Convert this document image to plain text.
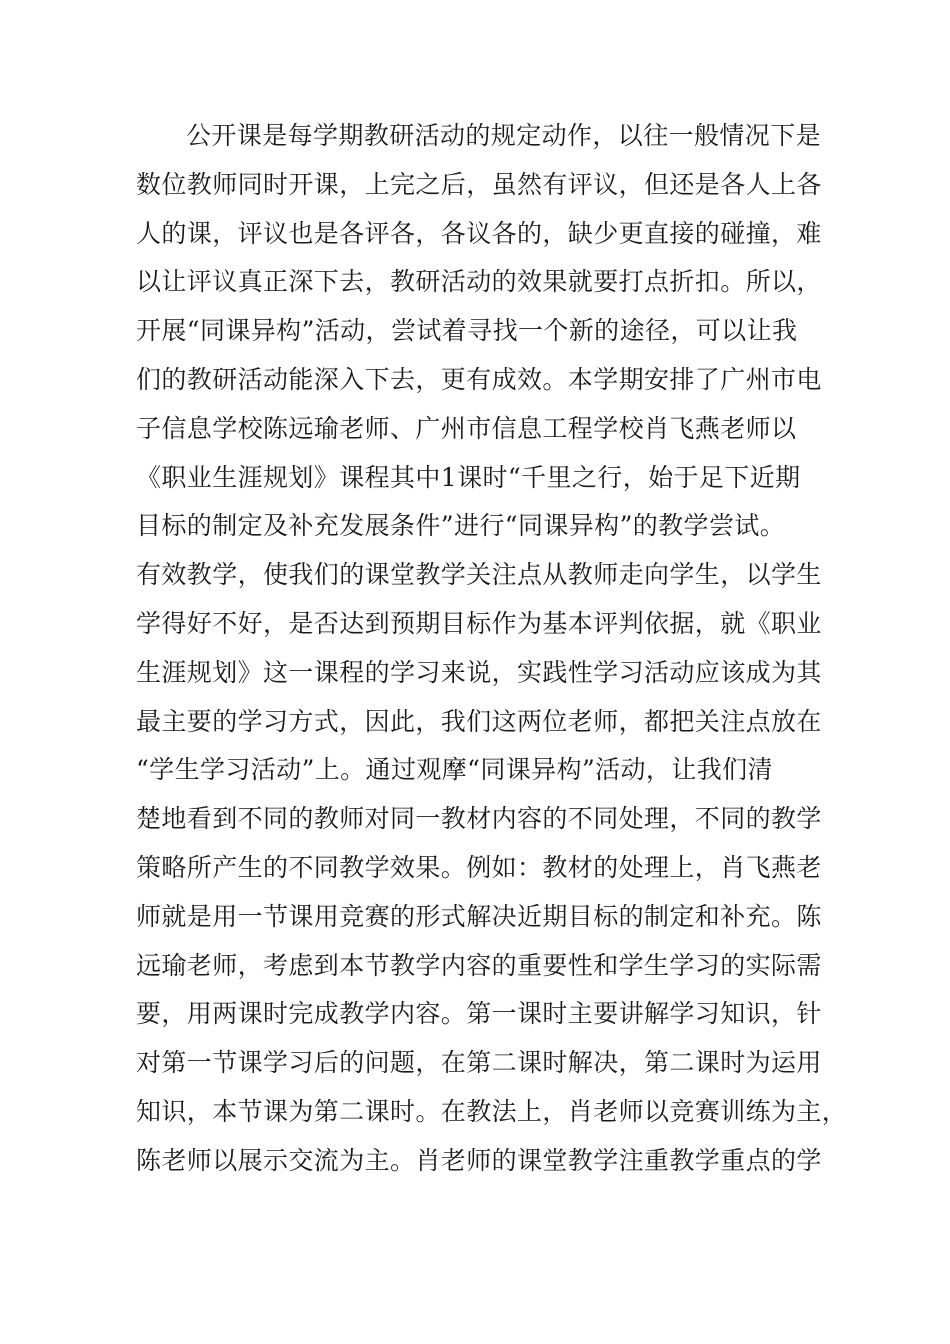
公开课是每学期教研活动的规定动作，以往一般情况下是
数位教师同时开课，上完之后，虽然有评议，但还是各人上各
人的课，评议也是各评各，各议各的，缺少更直接的碰撞，难
以让评议真正深下去，教研活动的效果就要打点折扣。所以，
开展“同课异构”活动，尝试着寻找一个新的途径，可以让我
们的教研活动能深入下去，更有成效。本学期安排了广州市电
子信息学校陈远瑜老师、广州市信息工程学校肖飞燕老师以
《职业生涯规划》课程其中1课时“千里之行，始于足下近期
目标的制定及补充发展条件”进行“同课异构”的教学尝试。
有效教学，使我们的课堂教学关注点从教师走向学生，以学生
学得好不好，是否达到预期目标作为基本评判依据，就《职业
生涯规划》这一课程的学习来说，实践性学习活动应该成为其
最主要的学习方式，因此，我们这两位老师，都把关注点放在
“学生学习活动”上。通过观摩“同课异构”活动，让我们清
楚地看到不同的教师对同一教材内容的不同处理，不同的教学
策略所产生的不同教学效果。例如：教材的处理上，肖飞燕老
师就是用一节课用竞赛的形式解决近期目标的制定和补充。陈
远瑜老师，考虑到本节教学内容的重要性和学生学习的实际需
要，用两课时完成教学内容。第一课时主要讲解学习知识，针
对第一节课学习后的问题，在第二课时解决，第二课时为运用
知识，本节课为第二课时。在教法上，肖老师以竞赛训练为主，
陈老师以展示交流为主。肖老师的课堂教学注重教学重点的学
